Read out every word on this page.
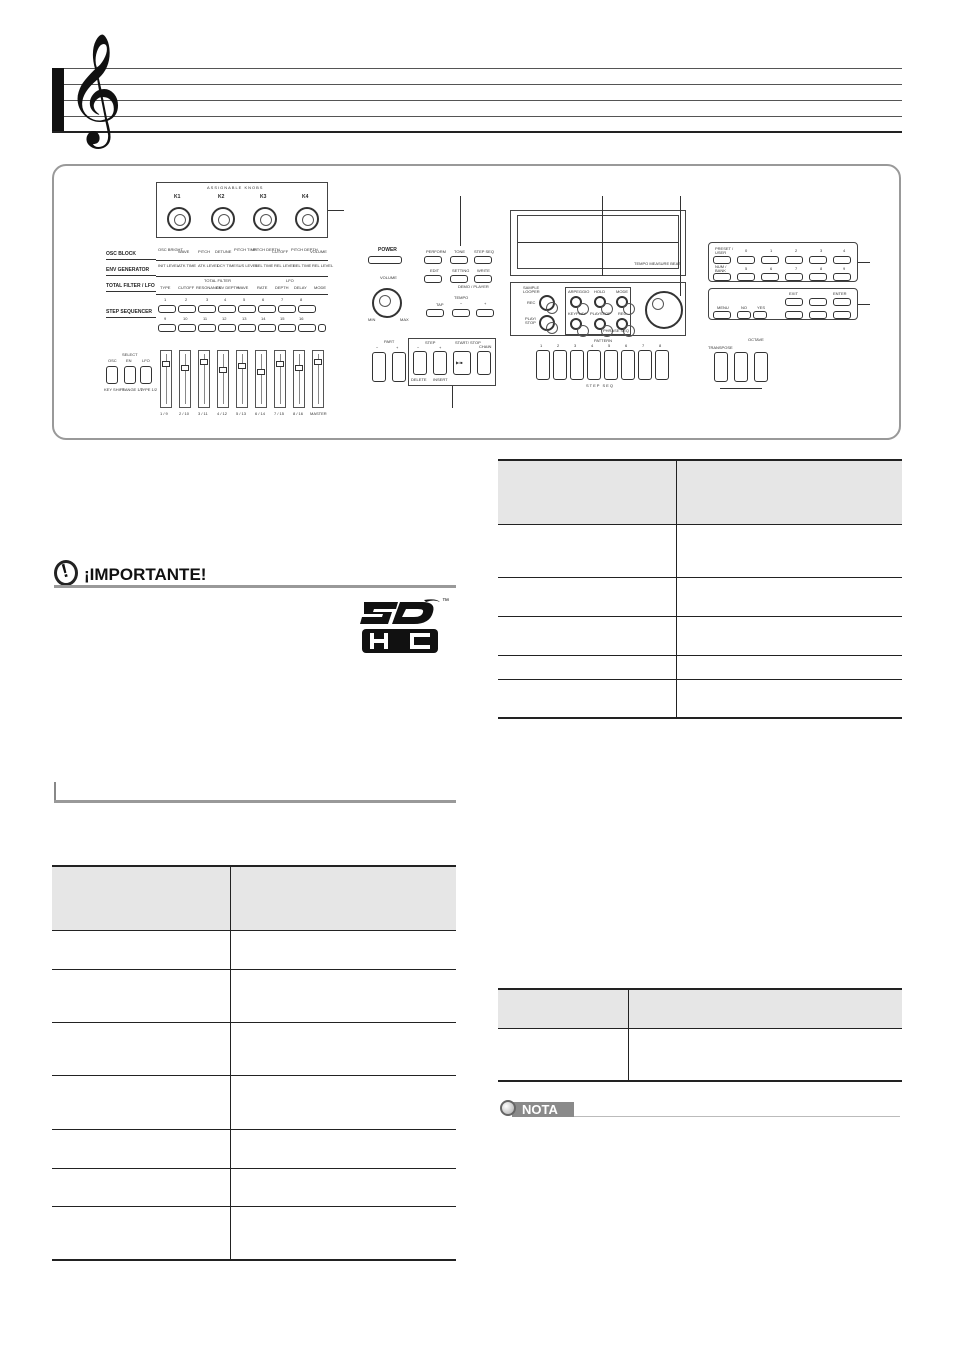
𝄞
ASSIGNABLE KNOBS
K1	K2	K3	K4
OSC BLOCK
ENV GENERATOR
TOTAL FILTER / LFO
STEP SEQUENCER
OSC BRIGHT
WAVE PITCH DETUNE PITCH TIME
PITCH DEPTH
CUTOFF PITCH DEPTH
VOLUME
INIT LEVEL
ATK TIME ATK LEVEL
DCY TIME SUS LEVEL
REL TIME REL LEVEL
REL TIME REL LEVEL
TOTAL FILTER	LFO
TYPE CUTOFF RESONANCE
ENV DEPTH
WAVE RATE DEPTH DELAY MODE
1	2	3	4	5	6	7	8
9	10	11	12	13	14	15	16
SELECT
OSC EN	LFO
KEY SHIFT
RANGE 1/2
TYPE 1/2
1 / 9	2 / 10 3 / 11 4 / 12 5 / 13 6 / 14 7 / 15 8 / 16 MASTER
POWER
VOLUME
MIN	MAX
PERFORM TONE STEP SEQ
EDIT	SETTING WRITE
DEMO / PLAYER
TEMPO
TAP	−	+
PART
−	+
STEP
−	+
START/ STOP
▶/■
CHAIN
DELETE INSERT
TEMPO MEASURE BEAT
SAMPLE LOOPER
REC
PLAY/ STOP
ARPEGGIO HOLD	MODE
KEYPLAY PLAYSTOP REC
PHRASE SEQ
PATTERN
1	2	3	4	5	6	7	8
STEP SEQ
PRESET / USER	0	1	2	3	4
NUM / BANK	5	6	7	8	9
EXIT	ENTER
MENU	NO	YES
TRANSPOSE
OCTAVE
!
¡IMPORTANTE!
™

NOTA
